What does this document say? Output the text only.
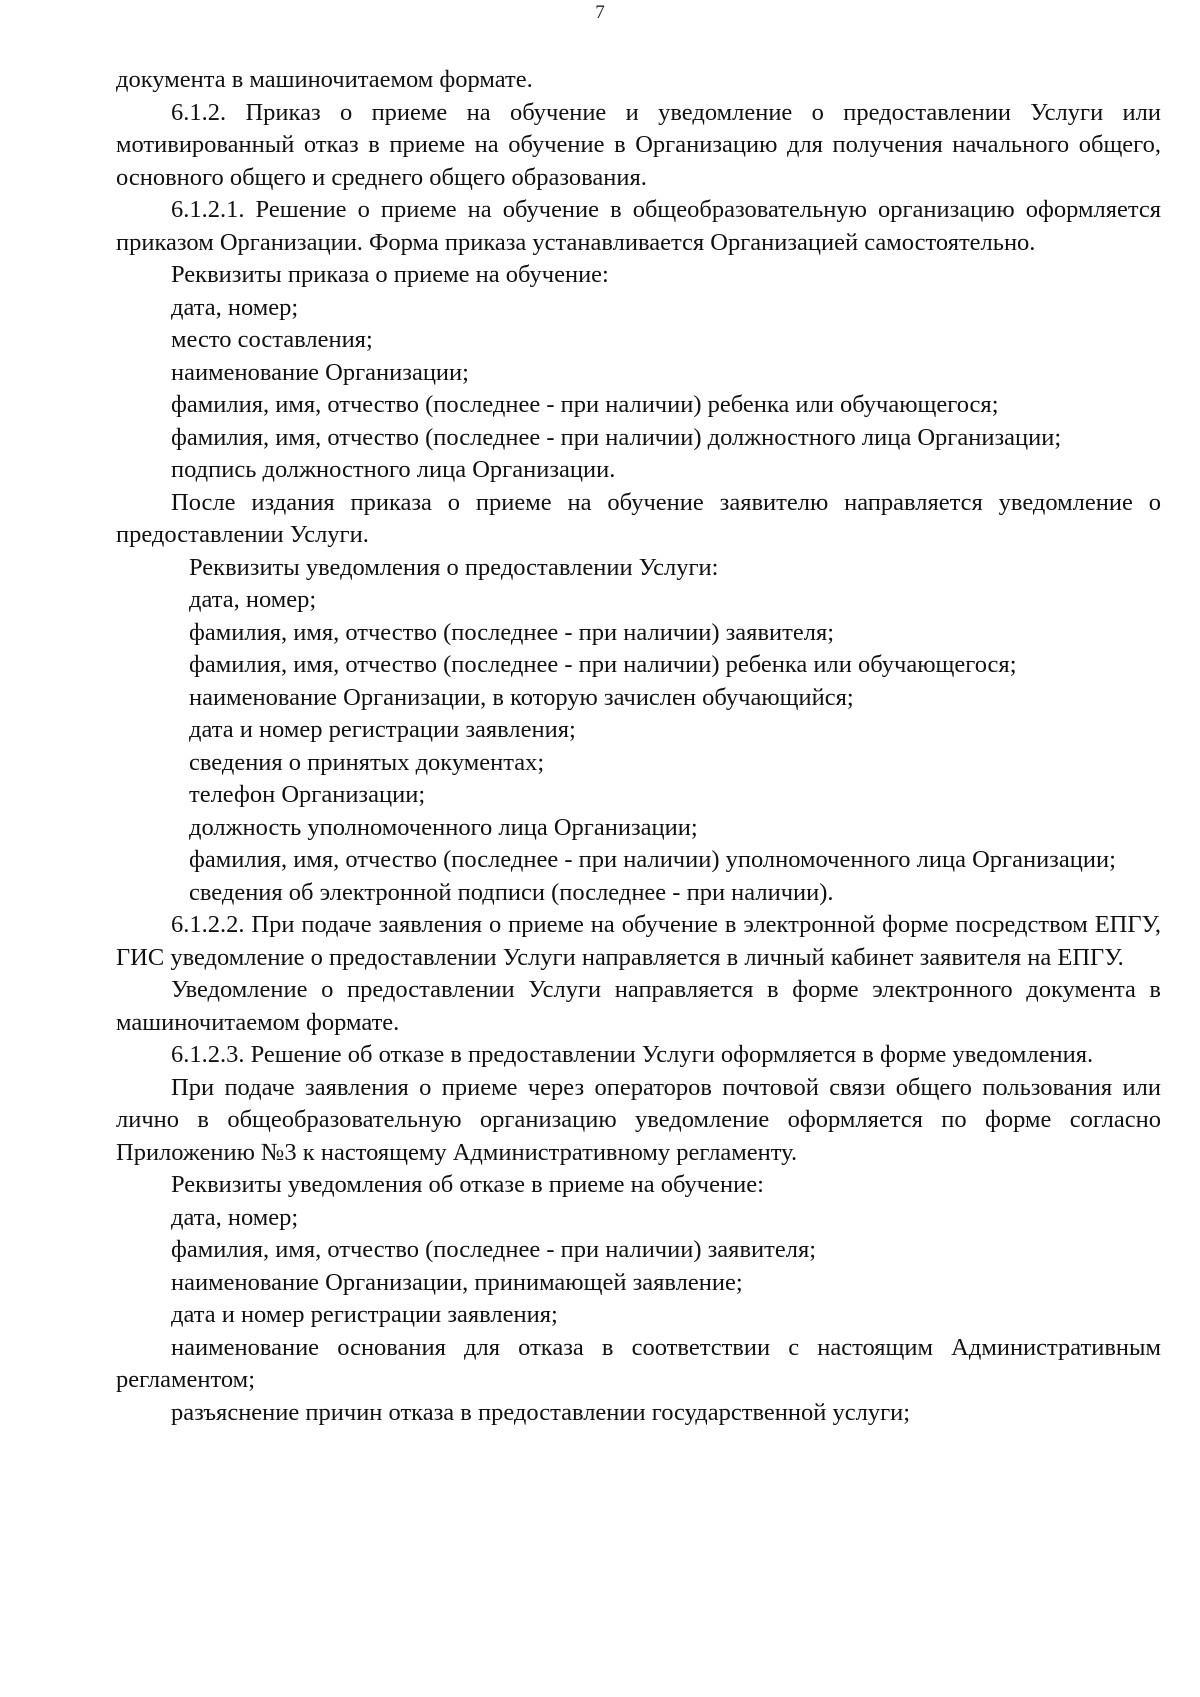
7

документа в машиночитаемом формате.

6.1.2. Приказ о приеме на обучение и уведомление о предоставлении Услуги или мотивированный отказ в приеме на обучение в Организацию для получения начального общего, основного общего и среднего общего образования.

6.1.2.1. Решение о приеме на обучение в общеобразовательную организацию оформляется приказом Организации. Форма приказа устанавливается Организацией самостоятельно.

Реквизиты приказа о приеме на обучение:

дата, номер;

место составления;

наименование Организации;

фамилия, имя, отчество (последнее - при наличии) ребенка или обучающегося;

фамилия, имя, отчество (последнее - при наличии) должностного лица Организации;

подпись должностного лица Организации.

После издания приказа о приеме на обучение заявителю направляется уведомление о предоставлении Услуги.

Реквизиты уведомления о предоставлении Услуги:

дата, номер;

фамилия, имя, отчество (последнее - при наличии) заявителя;

фамилия, имя, отчество (последнее - при наличии) ребенка или обучающегося;

наименование Организации, в которую зачислен обучающийся;

дата и номер регистрации заявления;

сведения о принятых документах;

телефон Организации;

должность уполномоченного лица Организации;

фамилия, имя, отчество (последнее - при наличии) уполномоченного лица Организации;

сведения об электронной подписи (последнее - при наличии).

6.1.2.2. При подаче заявления о приеме на обучение в электронной форме посредством ЕПГУ, ГИС уведомление о предоставлении Услуги направляется в личный кабинет заявителя на ЕПГУ.

Уведомление о предоставлении Услуги направляется в форме электронного документа в машиночитаемом формате.

6.1.2.3. Решение об отказе в предоставлении Услуги оформляется в форме уведомления.

При подаче заявления о приеме через операторов почтовой связи общего пользования или лично в общеобразовательную организацию уведомление оформляется по форме согласно Приложению №3 к настоящему Административному регламенту.

Реквизиты уведомления об отказе в приеме на обучение:

дата, номер;

фамилия, имя, отчество (последнее - при наличии) заявителя;

наименование Организации, принимающей заявление;

дата и номер регистрации заявления;

наименование основания для отказа в соответствии с настоящим Административным регламентом;

разъяснение причин отказа в предоставлении государственной услуги;
